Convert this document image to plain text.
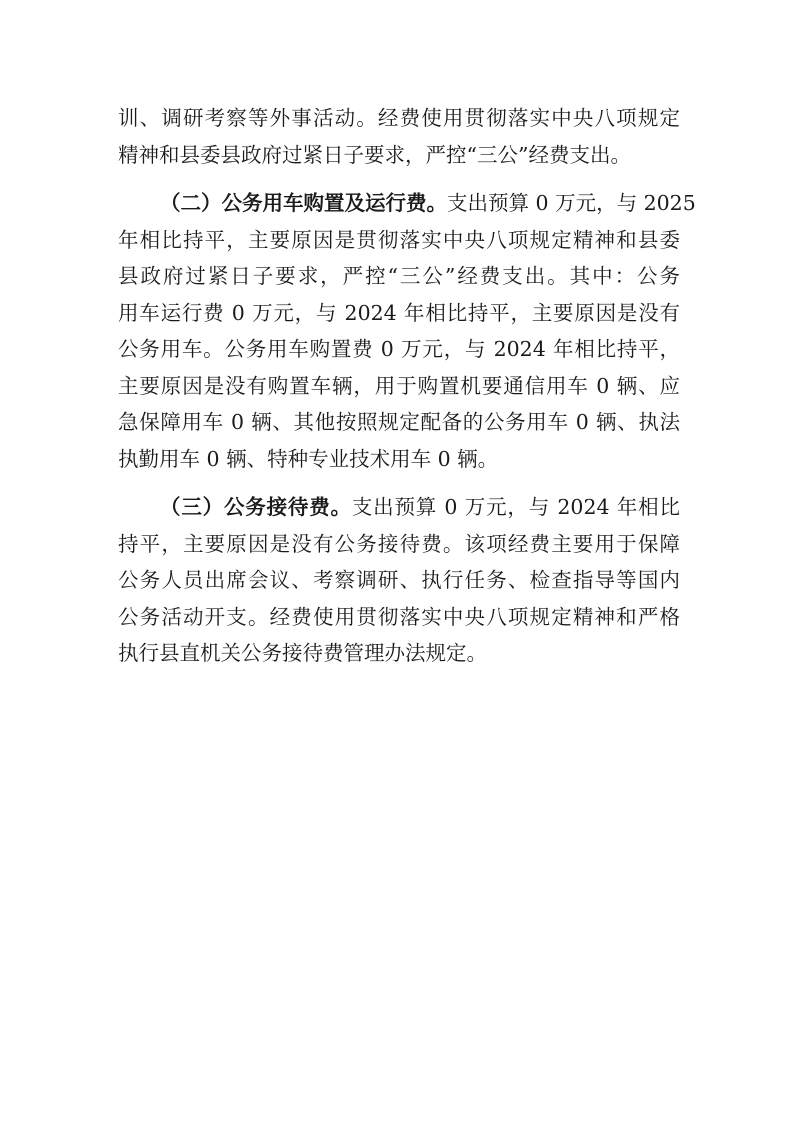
训、调研考察等外事活动。经费使用贯彻落实中央八项规定
精神和县委县政府过紧日子要求，严控“三公”经费支出。

（二）公务用车购置及运行费。支出预算 0 万元，与 2025
年相比持平，主要原因是贯彻落实中央八项规定精神和县委
县政府过紧日子要求，严控“三公”经费支出。其中：公务
用车运行费 0 万元，与 2024 年相比持平，主要原因是没有
公务用车。公务用车购置费 0 万元，与 2024 年相比持平，
主要原因是没有购置车辆，用于购置机要通信用车 0 辆、应
急保障用车 0 辆、其他按照规定配备的公务用车 0 辆、执法
执勤用车 0 辆、特种专业技术用车 0 辆。

（三）公务接待费。支出预算 0 万元，与 2024 年相比
持平，主要原因是没有公务接待费。该项经费主要用于保障
公务人员出席会议、考察调研、执行任务、检查指导等国内
公务活动开支。经费使用贯彻落实中央八项规定精神和严格
执行县直机关公务接待费管理办法规定。
